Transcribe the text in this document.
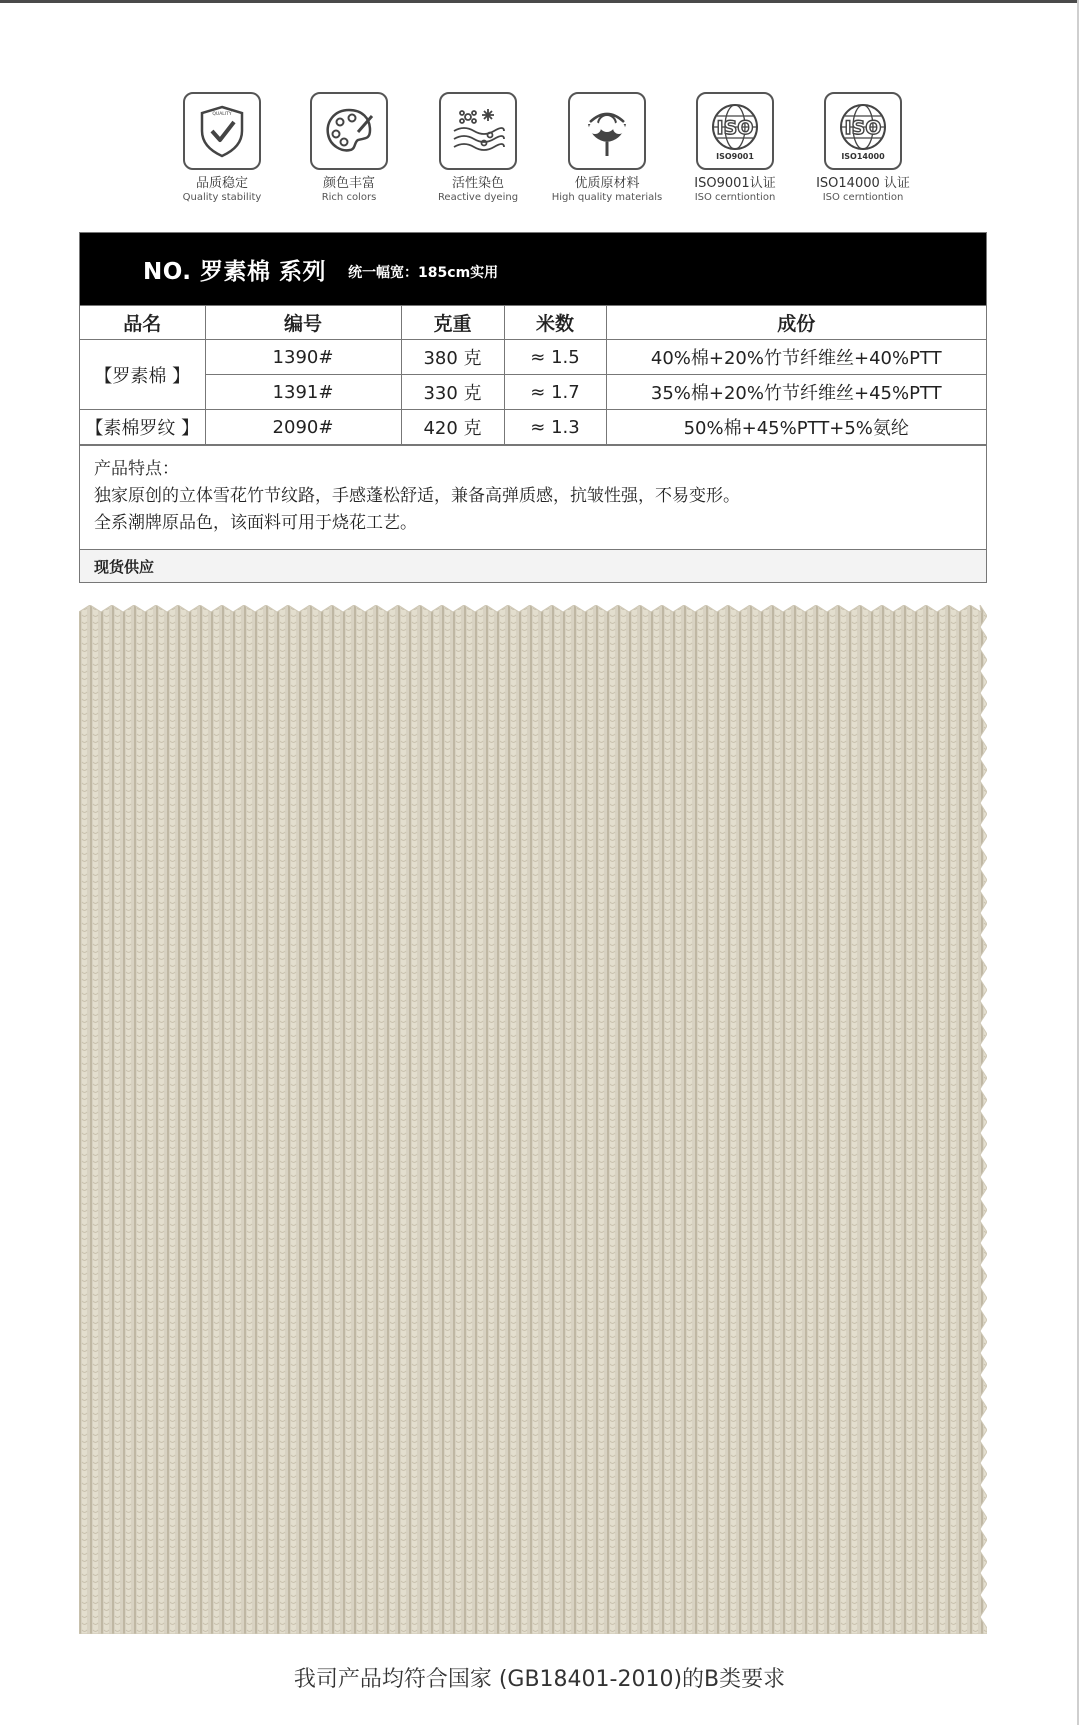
QUALITY
品质稳定
Quality stability
颜色丰富
Rich colors
活性染色
Reactive dyeing
优质原材料
High quality materials
ISO
ISO9001
ISO9001认证
ISO cerntiontion
ISO
ISO14000
ISO14000 认证
ISO cerntiontion
NO. 罗素棉 系列 统一幅宽：185cm实用
品名	编号	克重	米数	成份
【罗素棉 】	1390#	380 克	≈ 1.5	40%棉+20%竹节纤维丝+40%PTT
	1391#	330 克	≈ 1.7	35%棉+20%竹节纤维丝+45%PTT
【素棉罗纹 】	2090#	420 克	≈ 1.3	50%棉+45%PTT+5%氨纶
产品特点：
独家原创的立体雪花竹节纹路，手感蓬松舒适，兼备高弹质感，抗皱性强，不易变形。
全系潮牌原品色，该面料可用于烧花工艺。
现货供应
我司产品均符合国家 (GB18401-2010)的B类要求
